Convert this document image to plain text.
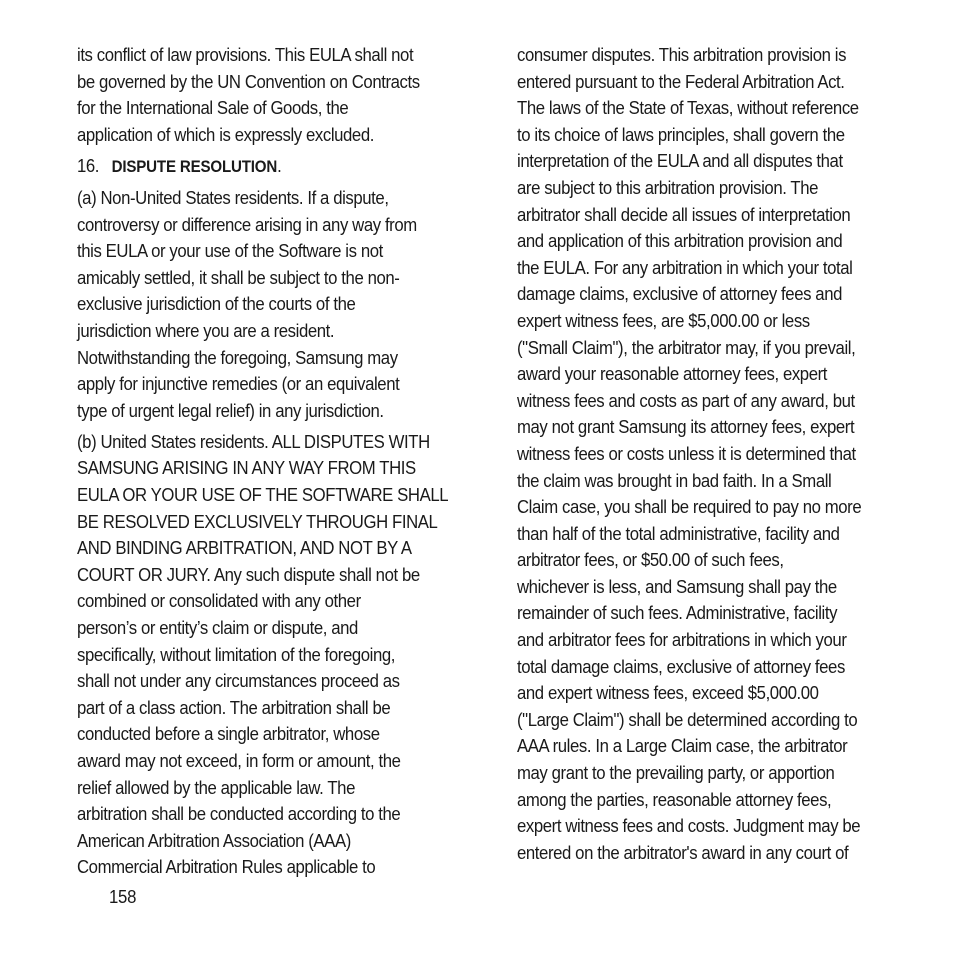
its conflict of law provisions. This EULA shall not
be governed by the UN Convention on Contracts
for the International Sale of Goods, the
application of which is expressly excluded.
16. DISPUTE RESOLUTION.
(a) Non-United States residents. If a dispute,
controversy or difference arising in any way from
this EULA or your use of the Software is not
amicably settled, it shall be subject to the non-
exclusive jurisdiction of the courts of the
jurisdiction where you are a resident.
Notwithstanding the foregoing, Samsung may
apply for injunctive remedies (or an equivalent
type of urgent legal relief) in any jurisdiction.
(b) United States residents. ALL DISPUTES WITH
SAMSUNG ARISING IN ANY WAY FROM THIS
EULA OR YOUR USE OF THE SOFTWARE SHALL
BE RESOLVED EXCLUSIVELY THROUGH FINAL
AND BINDING ARBITRATION, AND NOT BY A
COURT OR JURY. Any such dispute shall not be
combined or consolidated with any other
person’s or entity’s claim or dispute, and
specifically, without limitation of the foregoing,
shall not under any circumstances proceed as
part of a class action. The arbitration shall be
conducted before a single arbitrator, whose
award may not exceed, in form or amount, the
relief allowed by the applicable law. The
arbitration shall be conducted according to the
American Arbitration Association (AAA)
Commercial Arbitration Rules applicable to
consumer disputes. This arbitration provision is
entered pursuant to the Federal Arbitration Act.
The laws of the State of Texas, without reference
to its choice of laws principles, shall govern the
interpretation of the EULA and all disputes that
are subject to this arbitration provision. The
arbitrator shall decide all issues of interpretation
and application of this arbitration provision and
the EULA. For any arbitration in which your total
damage claims, exclusive of attorney fees and
expert witness fees, are $5,000.00 or less
("Small Claim"), the arbitrator may, if you prevail,
award your reasonable attorney fees, expert
witness fees and costs as part of any award, but
may not grant Samsung its attorney fees, expert
witness fees or costs unless it is determined that
the claim was brought in bad faith. In a Small
Claim case, you shall be required to pay no more
than half of the total administrative, facility and
arbitrator fees, or $50.00 of such fees,
whichever is less, and Samsung shall pay the
remainder of such fees. Administrative, facility
and arbitrator fees for arbitrations in which your
total damage claims, exclusive of attorney fees
and expert witness fees, exceed $5,000.00
("Large Claim") shall be determined according to
AAA rules. In a Large Claim case, the arbitrator
may grant to the prevailing party, or apportion
among the parties, reasonable attorney fees,
expert witness fees and costs. Judgment may be
entered on the arbitrator's award in any court of
158
